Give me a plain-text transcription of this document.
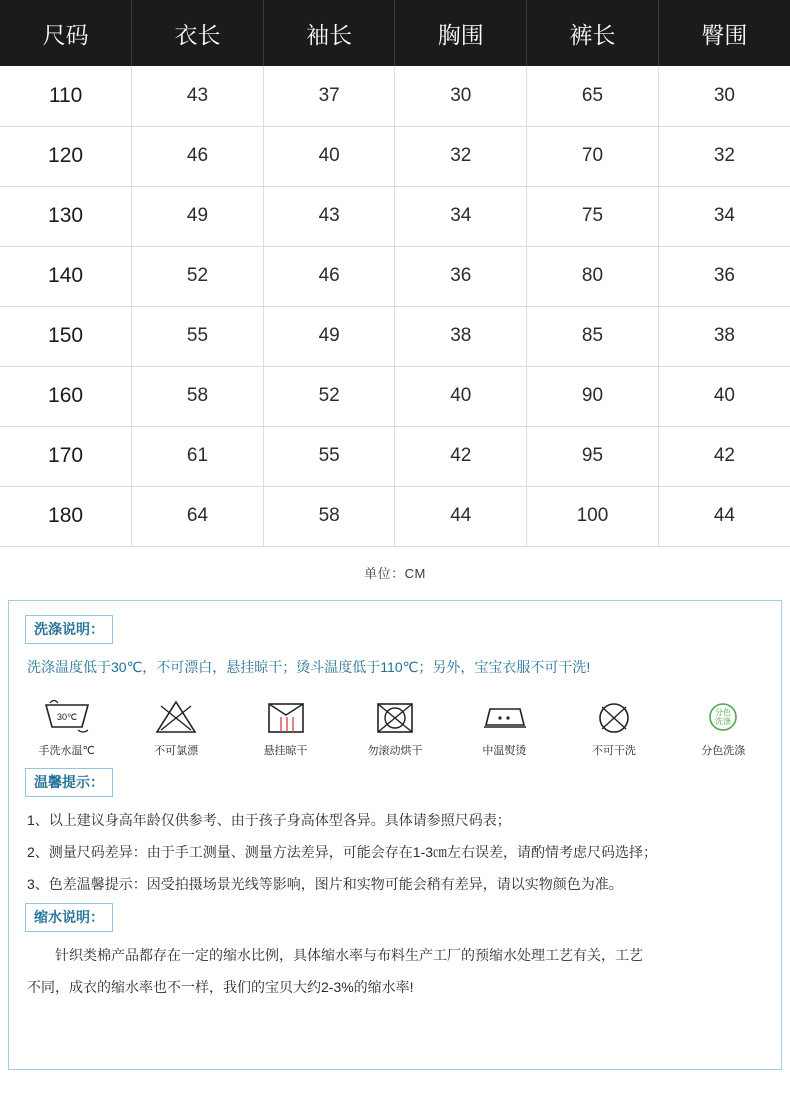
尺码	衣长	袖长	胸围	裤长	臀围
110	43	37	30	65	30
120	46	40	32	70	32
130	49	43	34	75	34
140	52	46	36	80	36
150	55	49	38	85	38
160	58	52	40	90	40
170	61	55	42	95	42
180	64	58	44	100	44
单位：CM
洗涤说明：

洗涤温度低于30℃，不可漂白，悬挂晾干；烫斗温度低于110℃；另外，宝宝衣服不可干洗!

30℃
手洗水温℃	不可氯漂	悬挂晾干	勿滚动烘干	中温熨烫	不可干洗
分色
洗涤
分色洗涤
温馨提示：

1、以上建议身高年龄仅供参考、由于孩子身高体型各异。具体请参照尺码表；

2、测量尺码差异：由于手工测量、测量方法差异，可能会存在1-3㎝左右误差，请酌情考虑尺码选择；

3、色差温馨提示：因受拍摄场景光线等影响，图片和实物可能会稍有差异，请以实物颜色为准。

缩水说明：

针织类棉产品都存在一定的缩水比例，具体缩水率与布料生产工厂的预缩水处理工艺有关，工艺

不同，成衣的缩水率也不一样，我们的宝贝大约2-3%的缩水率!
